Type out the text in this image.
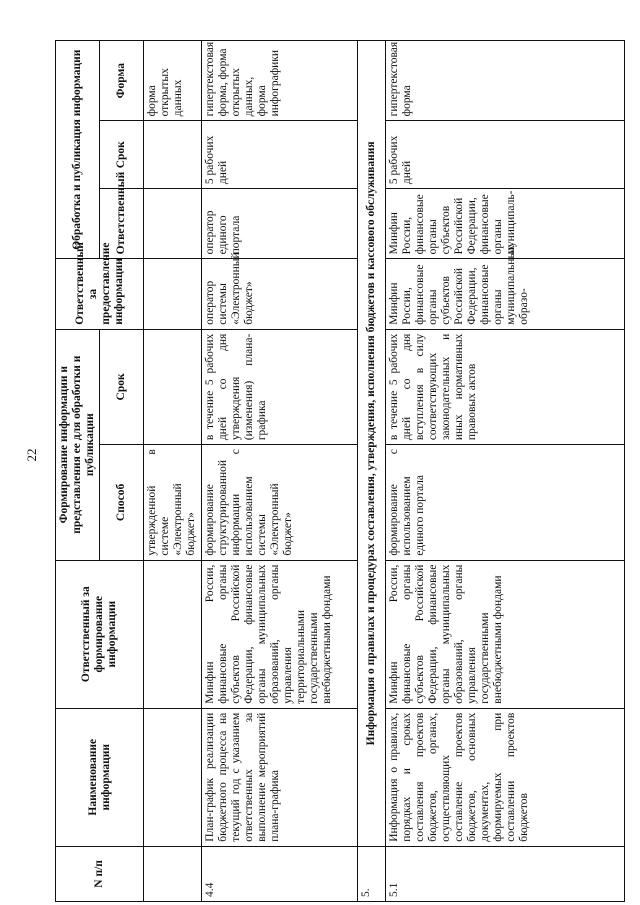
22
N п/п	Наименование информации	Ответственный за формирование информации	Формирование информации и представления ее для обработки и публикации		Ответственный за предоставление информации	Обработка и публикация информации		
			Способ	Срок		Ответственный	Срок	Форма
			утвержденной в системе «Электронный бюджет»					форма открытых данных
4.4	План-график реализации бюджетного процесса на текущий год с указанием ответственных за выполнение мероприятий плана-графика	Минфин России, финансовые органы субъектов Российской Федерации, финансовые органы муниципальных образований, органы управления территориальными государственными внебюджетными фондами	формирование структурированной информации с использованием системы «Электронный бюджет»	в течение 5 рабочих дней со дня утверждения (изменения) плана-графика	оператор системы «Электронный бюджет»	оператор единого портала	5 рабочих дней	гипертекстовая форма, форма открытых данных, форма инфографики
5.	Информация о правилах и процедурах составления, утверждения, исполнения бюджетов и кассового обслуживания							
5.1	Информация о правилах, порядках и сроках составления проектов бюджетов, органах, осуществляющих составление проектов бюджетов, основных документах, формируемых при составлении проектов бюджетов	Минфин России, финансовые органы субъектов Российской Федерации, финансовые органы муниципальных образований, органы управления государственными внебюджетными фондами	формирование с использованием единого портала	в течение 5 рабочих дней со дня вступления в силу соответствующих законодательных и иных нормативных правовых актов	Минфин России, финансовые органы субъектов Российской Федерации, финансовые органы муниципальных образо-	Минфин России, финансовые органы субъектов Российской Федерации, финансовые органы муниципаль-	5 рабочих дней	гипертекстовая форма
